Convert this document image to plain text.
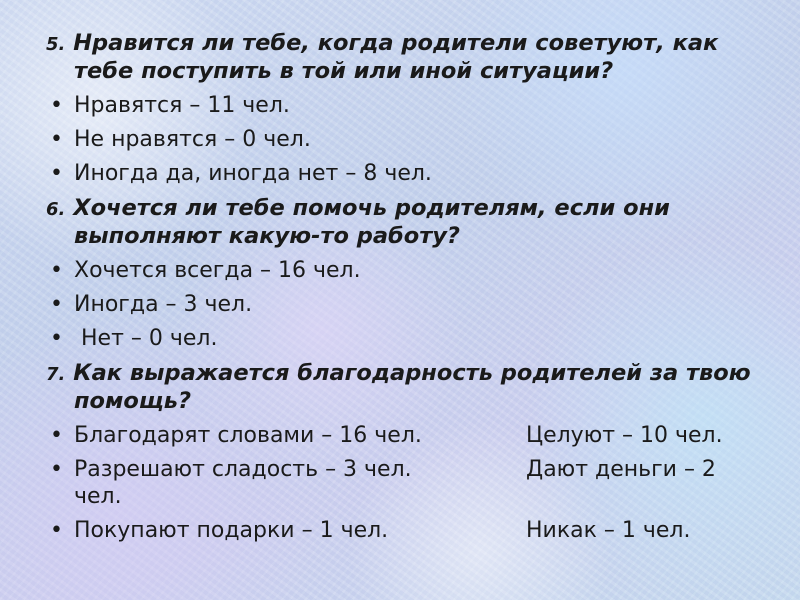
5. Нравится ли тебе, когда родители советуют, как тебе поступить в той или иной ситуации?
• Нравятся – 11 чел.
• Не нравятся – 0 чел.
• Иногда да, иногда нет – 8 чел.
6. Хочется ли тебе помочь родителям, если они выполняют какую-то работу?
• Хочется всегда – 16 чел.
• Иногда – 3 чел.
• Нет – 0 чел.
7. Как выражается благодарность родителей за твою помощь?
• Благодарят словами – 16 чел.	Целуют – 10 чел.
• Разрешают сладость – 3 чел.	Дают деньги – 2

чел.
• Покупают подарки – 1 чел.	Никак – 1 чел.
